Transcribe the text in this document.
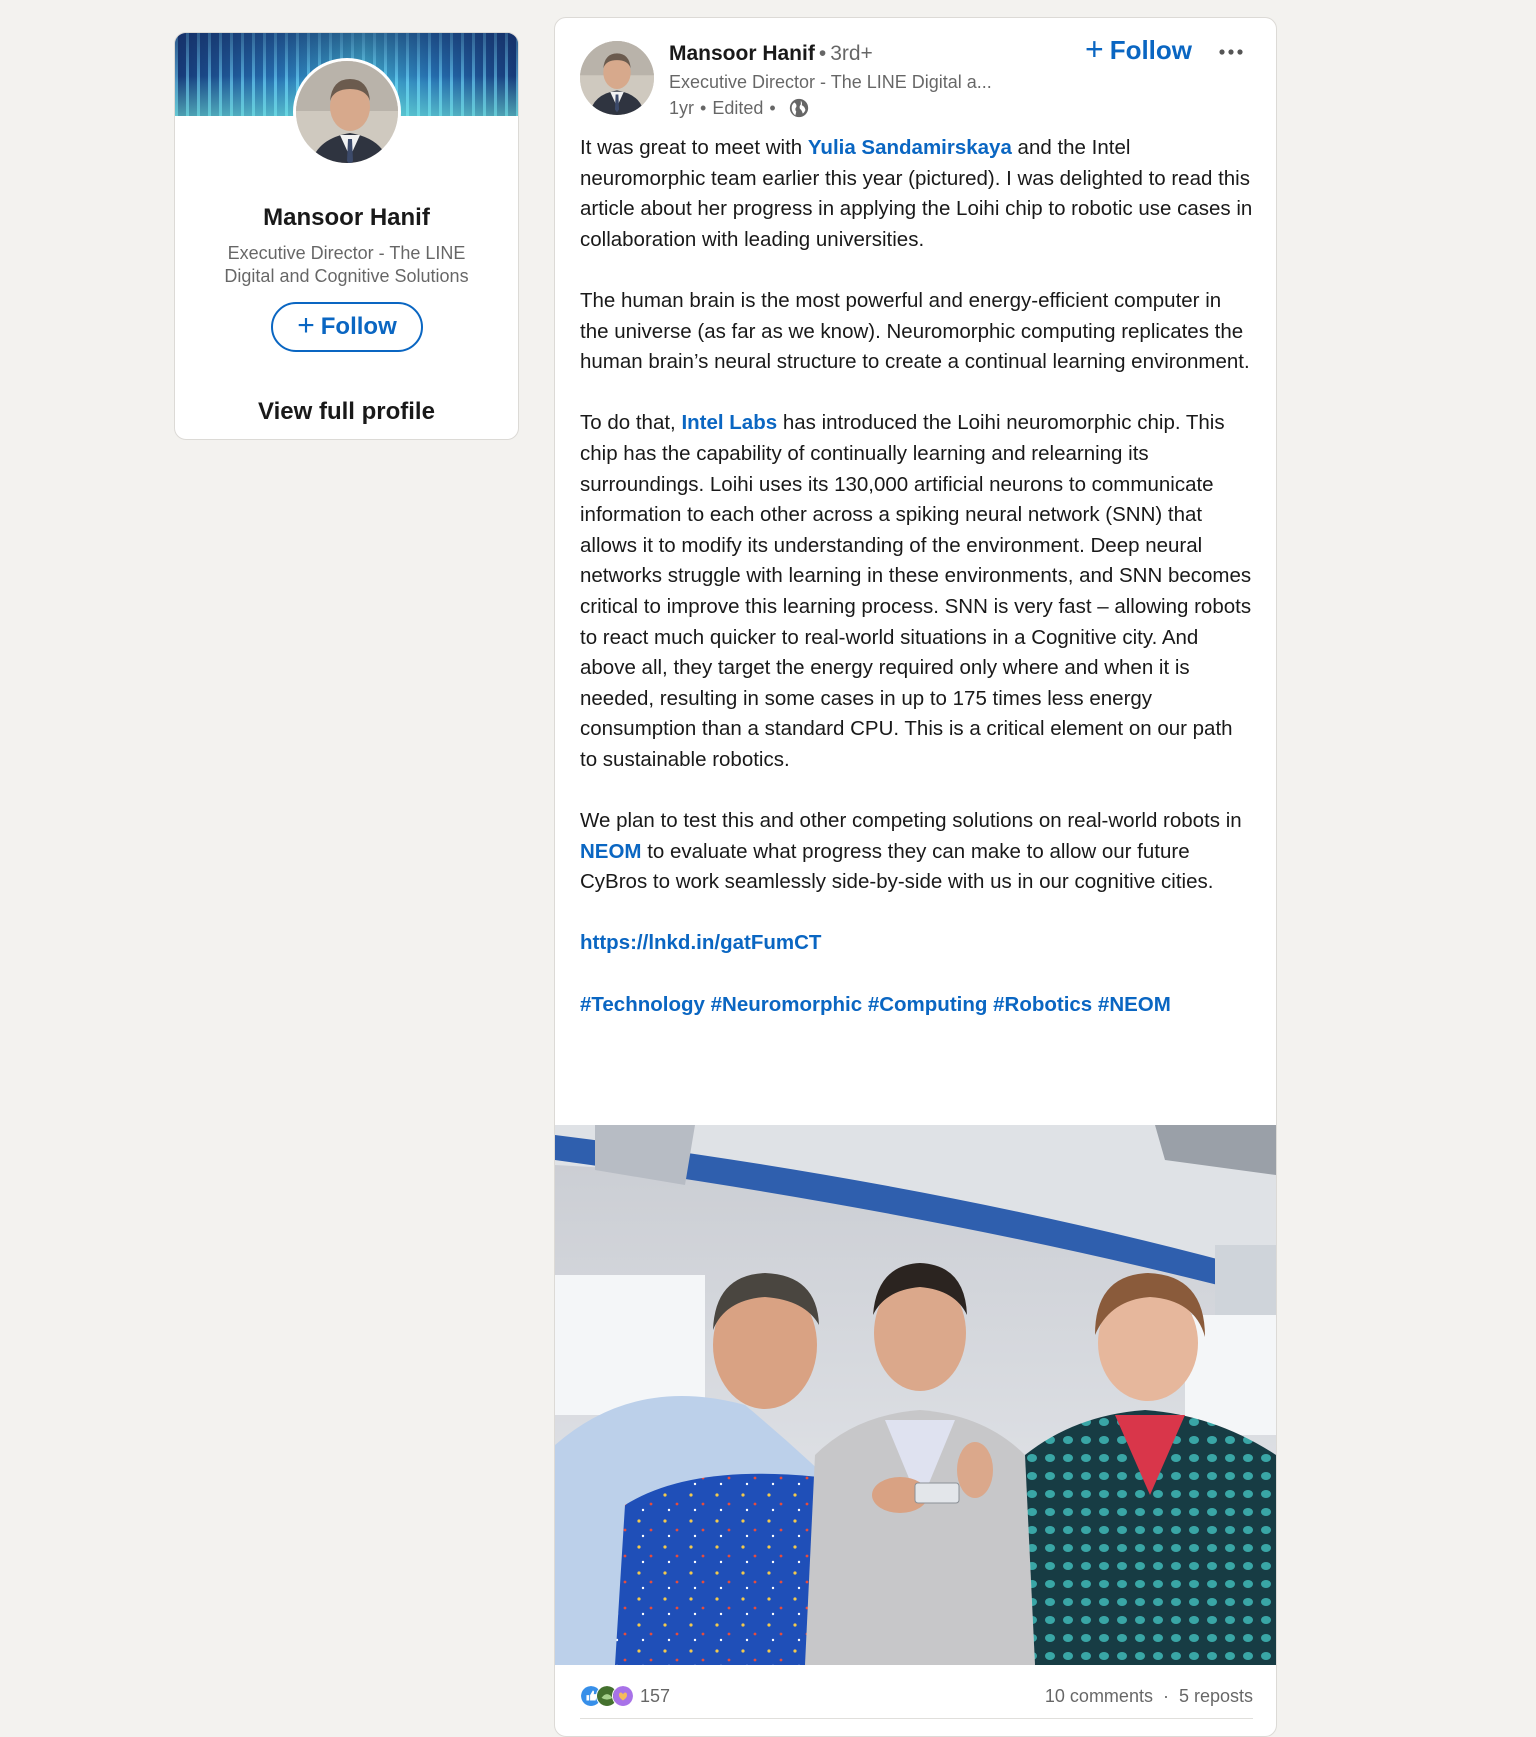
Mansoor Hanif
Executive Director - The LINE Digital and Cognitive Solutions
+ Follow
View full profile
Mansoor Hanif • 3rd+
Executive Director - The LINE Digital a...
1yr • Edited •
+ Follow

It was great to meet with Yulia Sandamirskaya and the Intel neuromorphic team earlier this year (pictured). I was delighted to read this article about her progress in applying the Loihi chip to robotic use cases in collaboration with leading universities.

The human brain is the most powerful and energy-efficient computer in the universe (as far as we know). Neuromorphic computing replicates the human brain’s neural structure to create a continual learning environment.

To do that, Intel Labs has introduced the Loihi neuromorphic chip. This chip has the capability of continually learning and relearning its surroundings. Loihi uses its 130,000 artificial neurons to communicate information to each other across a spiking neural network (SNN) that allows it to modify its understanding of the environment. Deep neural networks struggle with learning in these environments, and SNN becomes critical to improve this learning process. SNN is very fast – allowing robots to react much quicker to real-world situations in a Cognitive city. And above all, they target the energy required only where and when it is needed, resulting in some cases in up to 175 times less energy consumption than a standard CPU. This is a critical element on our path to sustainable robotics.

We plan to test this and other competing solutions on real-world robots in NEOM to evaluate what progress they can make to allow our future CyBros to work seamlessly side-by-side with us in our cognitive cities.

https://lnkd.in/gatFumCT

#Technology #Neuromorphic #Computing #Robotics #NEOM

157	10 comments · 5 reposts
